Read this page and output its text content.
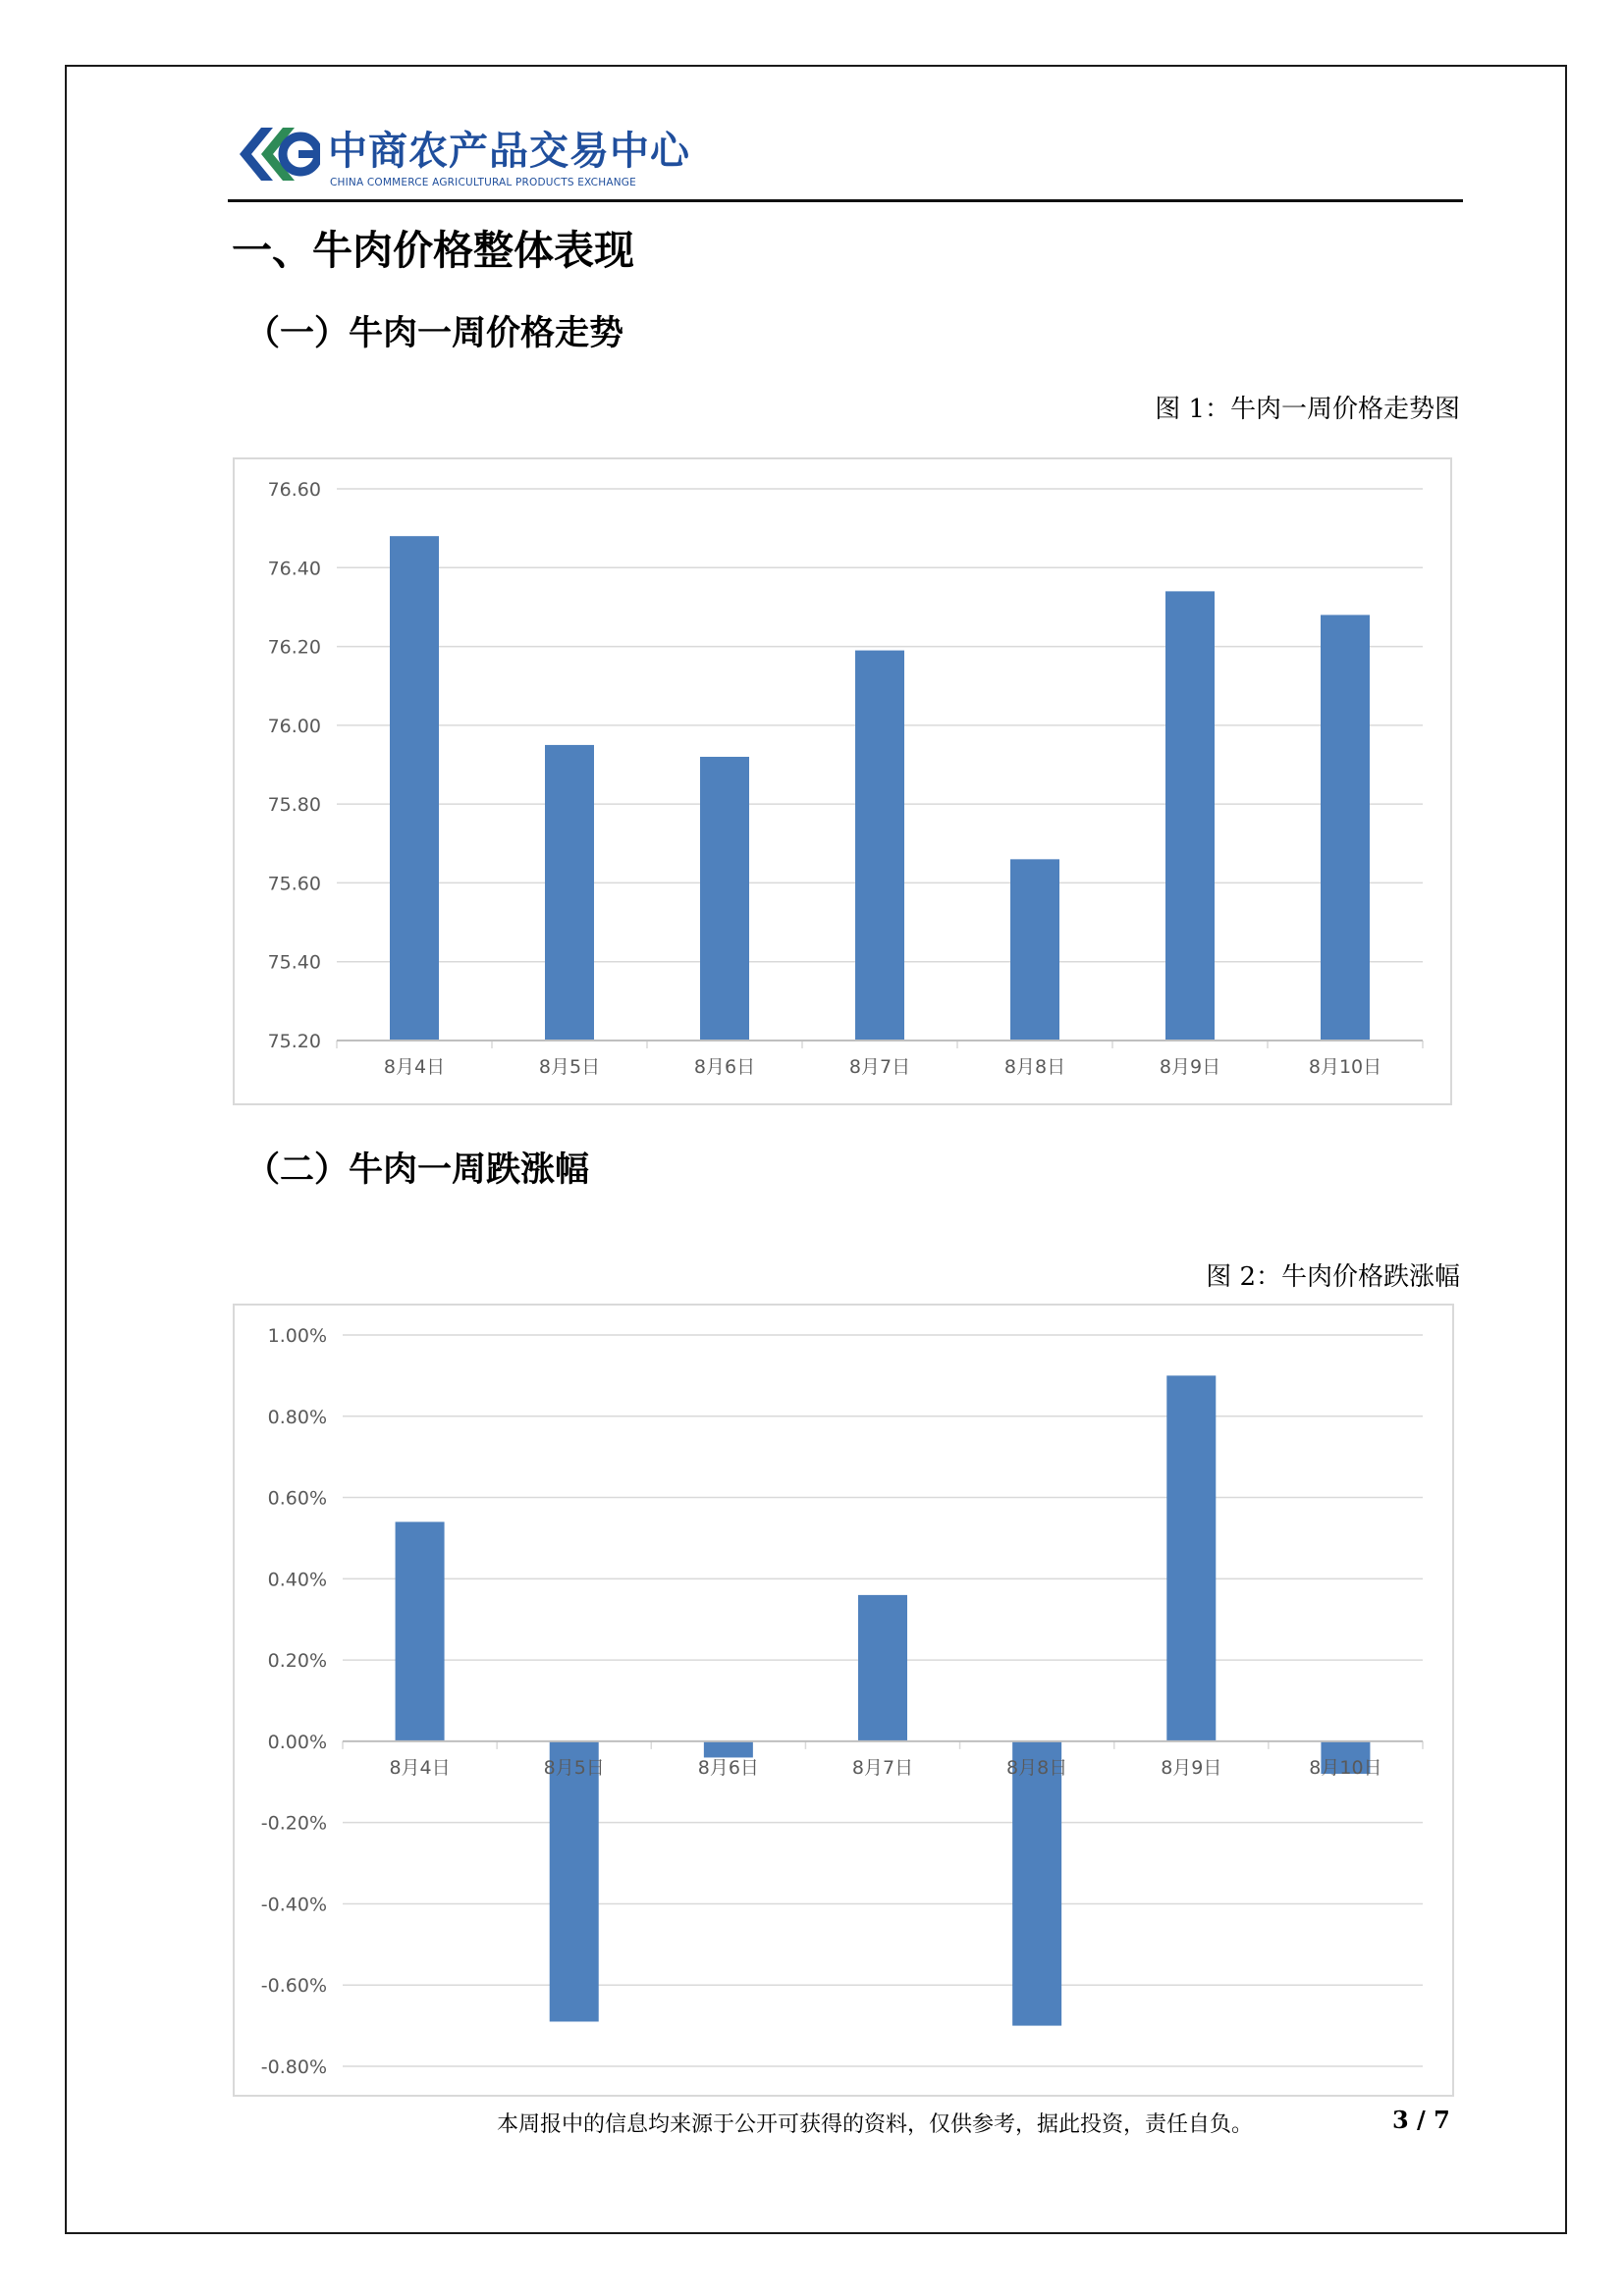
中商农产品交易中心
CHINA COMMERCE AGRICULTURAL PRODUCTS EXCHANGE
一、牛肉价格整体表现
（一）牛肉一周价格走势
图 1：牛肉一周价格走势图
75.20
75.40
75.60
75.80
76.00
76.20
76.40
76.60
8月4日	8月5日	8月6日	8月7日	8月8日	8月9日	8月10日
（二）牛肉一周跌涨幅
图 2：牛肉价格跌涨幅
-0.80%
-0.60%
-0.40%
-0.20%
0.00%
0.20%
0.40%
0.60%
0.80%
1.00%
8月4日	8月5日	8月6日	8月7日	8月8日	8月9日	8月10日
本周报中的信息均来源于公开可获得的资料，仅供参考，据此投资，责任自负。	3 / 7
